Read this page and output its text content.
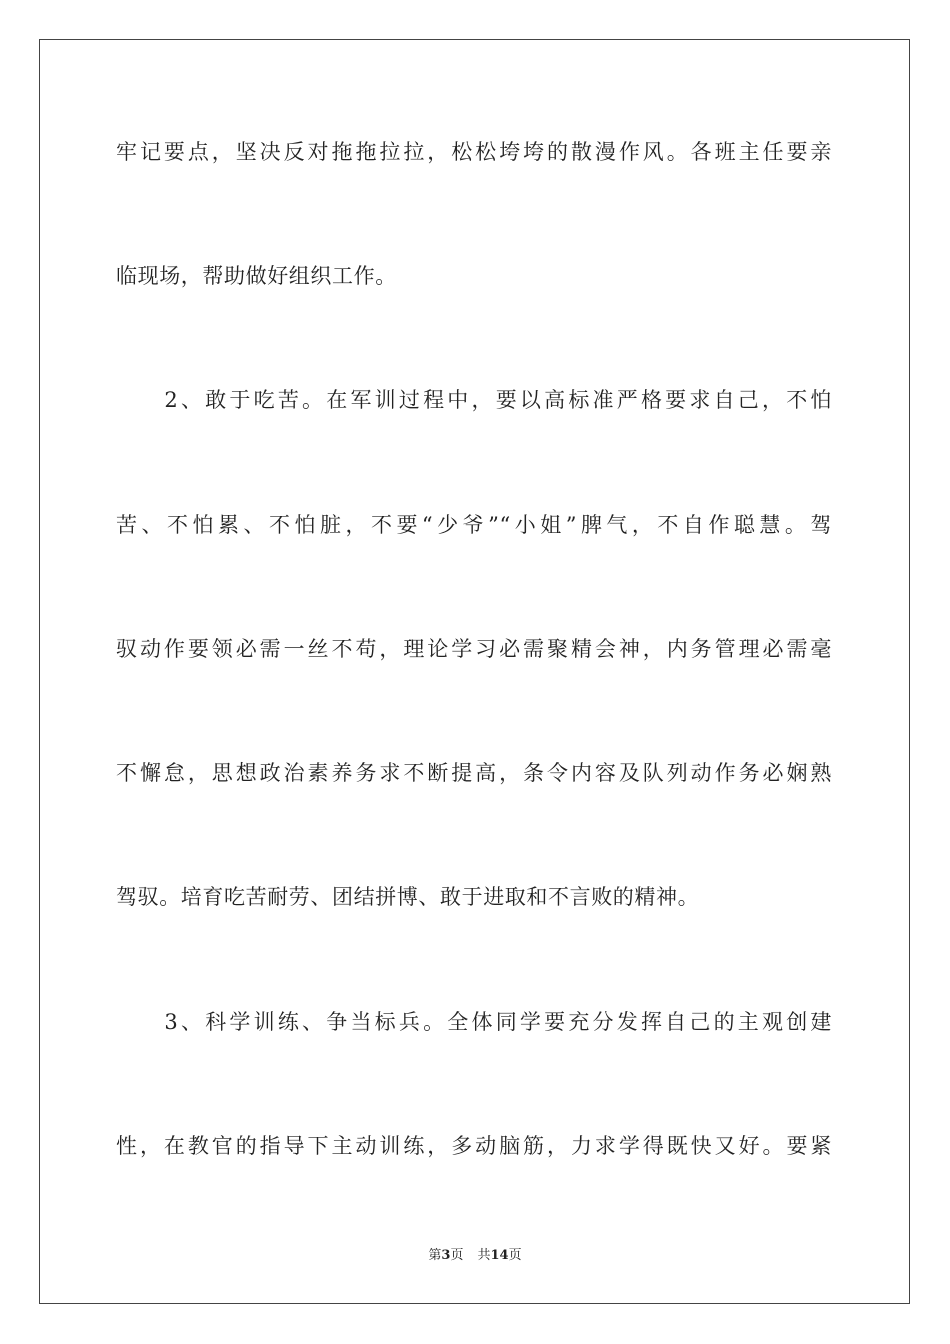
牢记要点，坚决反对拖拖拉拉，松松垮垮的散漫作风。各班主任要亲
临现场，帮助做好组织工作。
　　2、敢于吃苦。在军训过程中，要以高标准严格要求自己，不怕
苦、不怕累、不怕脏，不要“少爷”“小姐”脾气，不自作聪慧。驾
驭动作要领必需一丝不苟，理论学习必需聚精会神，内务管理必需毫
不懈怠，思想政治素养务求不断提高，条令内容及队列动作务必娴熟
驾驭。培育吃苦耐劳、团结拼博、敢于进取和不言败的精神。
　　3、科学训练、争当标兵。全体同学要充分发挥自己的主观创建
性，在教官的指导下主动训练，多动脑筋，力求学得既快又好。要紧
第3页 共14页
